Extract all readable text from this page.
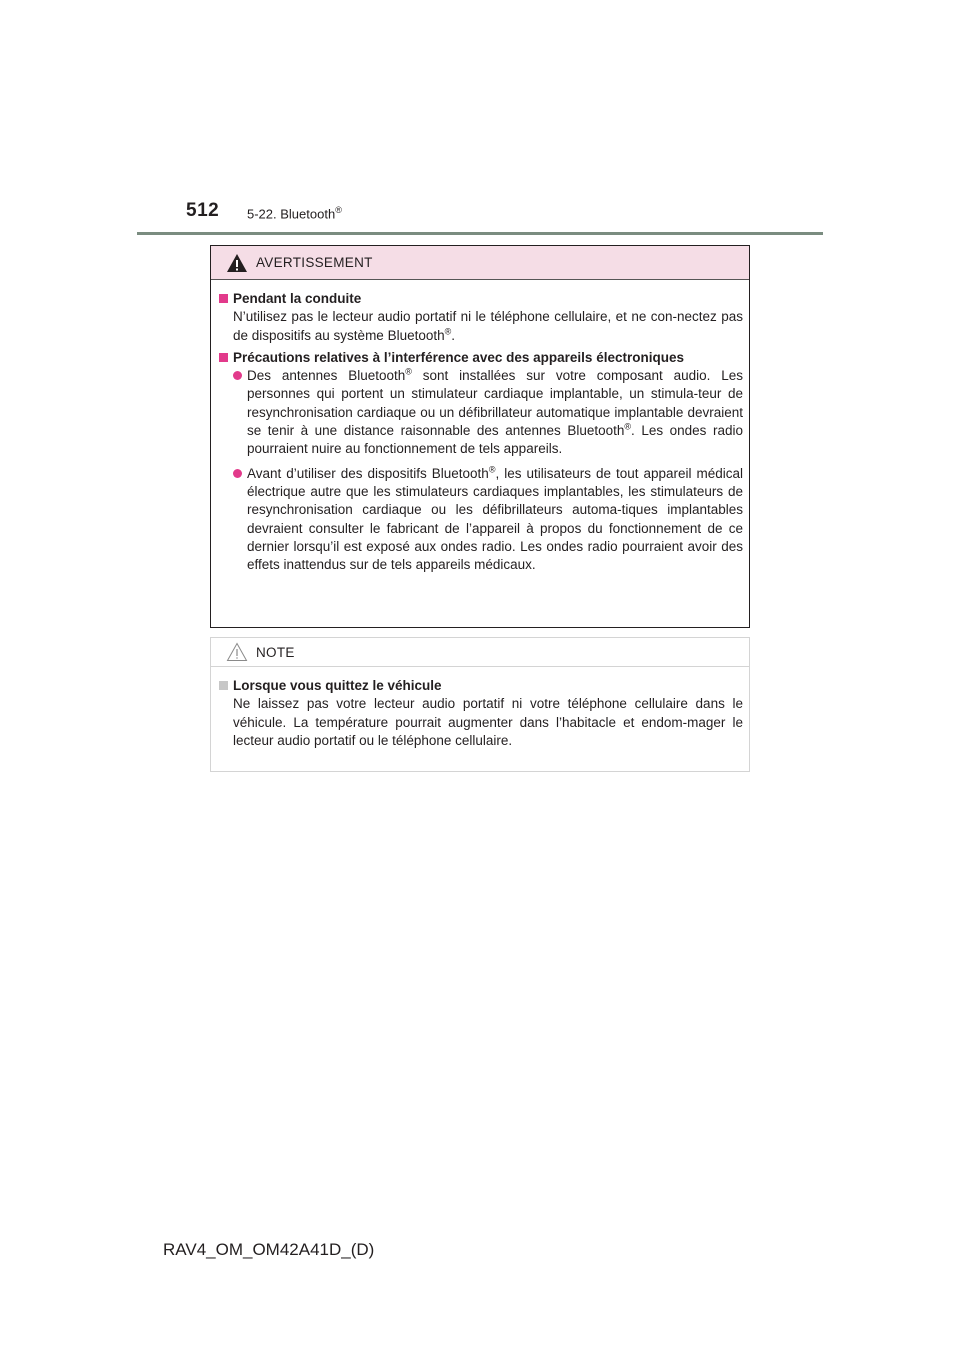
512 5-22. Bluetooth®
AVERTISSEMENT
Pendant la conduite
N’utilisez pas le lecteur audio portatif ni le téléphone cellulaire, et ne con-nectez pas de dispositifs au système Bluetooth®.
Précautions relatives à l’interférence avec des appareils électroniques
Des antennes Bluetooth® sont installées sur votre composant audio. Les personnes qui portent un stimulateur cardiaque implantable, un stimula-teur de resynchronisation cardiaque ou un défibrillateur automatique implantable devraient se tenir à une distance raisonnable des antennes Bluetooth®. Les ondes radio pourraient nuire au fonctionnement de tels appareils.
Avant d’utiliser des dispositifs Bluetooth®, les utilisateurs de tout appareil médical électrique autre que les stimulateurs cardiaques implantables, les stimulateurs de resynchronisation cardiaque ou les défibrillateurs automa-tiques implantables devraient consulter le fabricant de l’appareil à propos du fonctionnement de ce dernier lorsqu’il est exposé aux ondes radio. Les ondes radio pourraient avoir des effets inattendus sur de tels appareils médicaux.
NOTE
Lorsque vous quittez le véhicule
Ne laissez pas votre lecteur audio portatif ni votre téléphone cellulaire dans le véhicule. La température pourrait augmenter dans l’habitacle et endom-mager le lecteur audio portatif ou le téléphone cellulaire.
RAV4_OM_OM42A41D_(D)
